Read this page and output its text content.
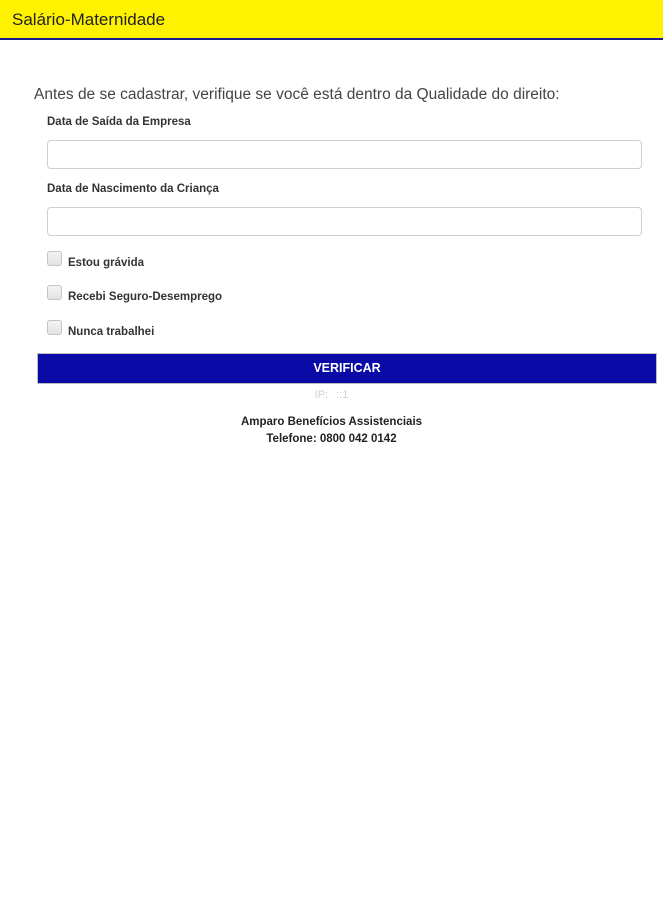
Salário-Maternidade
Antes de se cadastrar, verifique se você está dentro da Qualidade do direito:
Data de Saída da Empresa
Data de Nascimento da Criança
Estou grávida
Recebi Seguro-Desemprego
Nunca trabalhei
VERIFICAR
IP: ::1
Amparo Benefícios Assistenciais
Telefone: 0800 042 0142
